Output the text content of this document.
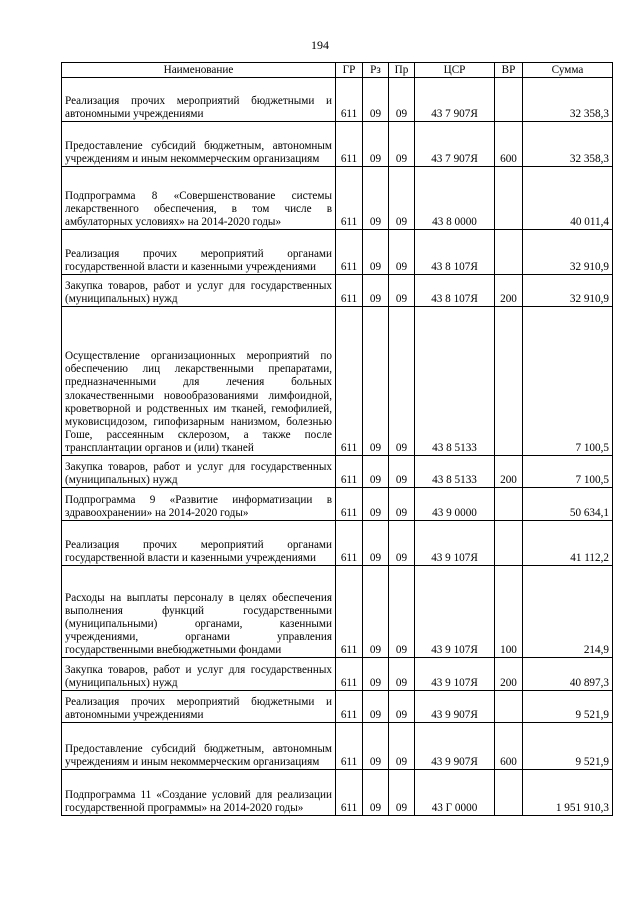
194
Наименование	ГР	Рз	Пр	ЦСР	ВР	Сумма
Реализация прочих мероприятий бюджетными и автономными учреждениями	611	09	09	43 7 907Я		32 358,3
Предоставление субсидий бюджетным, автономным учреждениям и иным некоммерческим организациям	611	09	09	43 7 907Я	600	32 358,3
Подпрограмма 8 «Совершенствование системы лекарственного обеспечения, в том числе в амбулаторных условиях» на 2014-2020 годы»	611	09	09	43 8 0000		40 011,4
Реализация прочих мероприятий органами государственной власти и казенными учреждениями	611	09	09	43 8 107Я		32 910,9
Закупка товаров, работ и услуг для государственных (муниципальных) нужд	611	09	09	43 8 107Я	200	32 910,9
Осуществление организационных мероприятий по обеспечению лиц лекарственными препаратами, предназначенными для лечения больных злокачественными новообразованиями лимфоидной, кроветворной и родственных им тканей, гемофилией, муковисцидозом, гипофизарным нанизмом, болезнью Гоше, рассеянным склерозом, а также после трансплантации органов и (или) тканей	611	09	09	43 8 5133		7 100,5
Закупка товаров, работ и услуг для государственных (муниципальных) нужд	611	09	09	43 8 5133	200	7 100,5
Подпрограмма 9 «Развитие информатизации в здравоохранении» на 2014-2020 годы»	611	09	09	43 9 0000		50 634,1
Реализация прочих мероприятий органами государственной власти и казенными учреждениями	611	09	09	43 9 107Я		41 112,2
Расходы на выплаты персоналу в целях обеспечения выполнения функций государственными (муниципальными) органами, казенными учреждениями, органами управления государственными внебюджетными фондами	611	09	09	43 9 107Я	100	214,9
Закупка товаров, работ и услуг для государственных (муниципальных) нужд	611	09	09	43 9 107Я	200	40 897,3
Реализация прочих мероприятий бюджетными и автономными учреждениями	611	09	09	43 9 907Я		9 521,9
Предоставление субсидий бюджетным, автономным учреждениям и иным некоммерческим организациям	611	09	09	43 9 907Я	600	9 521,9
Подпрограмма 11 «Создание условий для реализации государственной программы» на 2014-2020 годы»	611	09	09	43 Г 0000		1 951 910,3
